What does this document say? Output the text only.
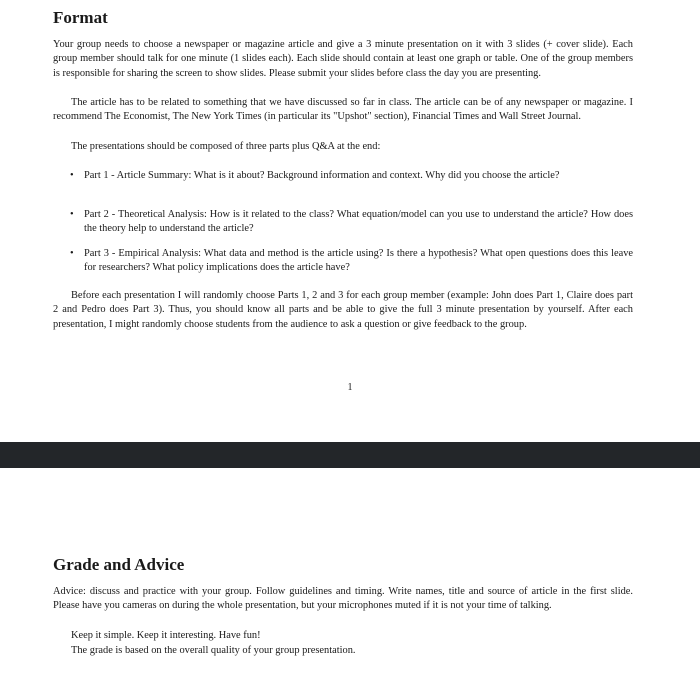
Format

Your group needs to choose a newspaper or magazine article and give a 3 minute presentation on it with 3 slides (+ cover slide). Each group member should talk for one minute (1 slides each). Each slide should contain at least one graph or table. One of the group members is responsible for sharing the screen to show slides. Please submit your slides before class the day you are presenting.

The article has to be related to something that we have discussed so far in class. The article can be of any newspaper or magazine. I recommend The Economist, The New York Times (in particular its "Upshot" section), Financial Times and Wall Street Journal.

The presentations should be composed of three parts plus Q&A at the end:

• Part 1 - Article Summary: What is it about? Background information and context. Why did you choose the article?
• Part 2 - Theoretical Analysis: How is it related to the class? What equation/model can you use to understand the article? How does the theory help to understand the article?
• Part 3 - Empirical Analysis: What data and method is the article using? Is there a hypothesis? What open questions does this leave for researchers? What policy implications does the article have?

Before each presentation I will randomly choose Parts 1, 2 and 3 for each group member (example: John does Part 1, Claire does part 2 and Pedro does Part 3). Thus, you should know all parts and be able to give the full 3 minute presentation by yourself. After each presentation, I might randomly choose students from the audience to ask a question or give feedback to the group.

1
Grade and Advice

Advice: discuss and practice with your group. Follow guidelines and timing. Write names, title and source of article in the first slide. Please have you cameras on during the whole presentation, but your microphones muted if it is not your time of talking.

Keep it simple. Keep it interesting. Have fun!

The grade is based on the overall quality of your group presentation.
